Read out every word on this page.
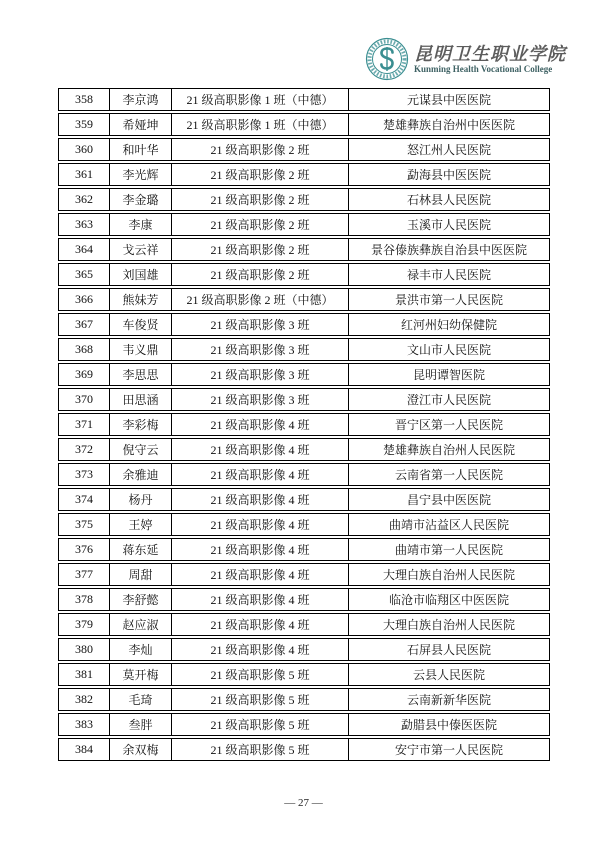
昆明卫生职业学院
Kunming Health Vocational College
358	李京鸿	21 级高职影像 1 班（中德）	元谋县中医医院
359	希娅坤	21 级高职影像 1 班（中德）	楚雄彝族自治州中医医院
360	和叶华	21 级高职影像 2 班	怒江州人民医院
361	李光辉	21 级高职影像 2 班	勐海县中医医院
362	李金璐	21 级高职影像 2 班	石林县人民医院
363	李康	21 级高职影像 2 班	玉溪市人民医院
364	戈云祥	21 级高职影像 2 班	景谷傣族彝族自治县中医医院
365	刘国雄	21 级高职影像 2 班	禄丰市人民医院
366	熊妹芳	21 级高职影像 2 班（中德）	景洪市第一人民医院
367	车俊贤	21 级高职影像 3 班	红河州妇幼保健院
368	韦义鼎	21 级高职影像 3 班	文山市人民医院
369	李思思	21 级高职影像 3 班	昆明谭智医院
370	田思涵	21 级高职影像 3 班	澄江市人民医院
371	李彩梅	21 级高职影像 4 班	晋宁区第一人民医院
372	倪守云	21 级高职影像 4 班	楚雄彝族自治州人民医院
373	余雅迪	21 级高职影像 4 班	云南省第一人民医院
374	杨丹	21 级高职影像 4 班	昌宁县中医医院
375	王婷	21 级高职影像 4 班	曲靖市沾益区人民医院
376	蒋东延	21 级高职影像 4 班	曲靖市第一人民医院
377	周甜	21 级高职影像 4 班	大理白族自治州人民医院
378	李舒懿	21 级高职影像 4 班	临沧市临翔区中医医院
379	赵应淑	21 级高职影像 4 班	大理白族自治州人民医院
380	李灿	21 级高职影像 4 班	石屏县人民医院
381	莫开梅	21 级高职影像 5 班	云县人民医院
382	毛琦	21 级高职影像 5 班	云南新新华医院
383	叁胖	21 级高职影像 5 班	勐腊县中傣医医院
384	余双梅	21 级高职影像 5 班	安宁市第一人民医院
— 27 —
